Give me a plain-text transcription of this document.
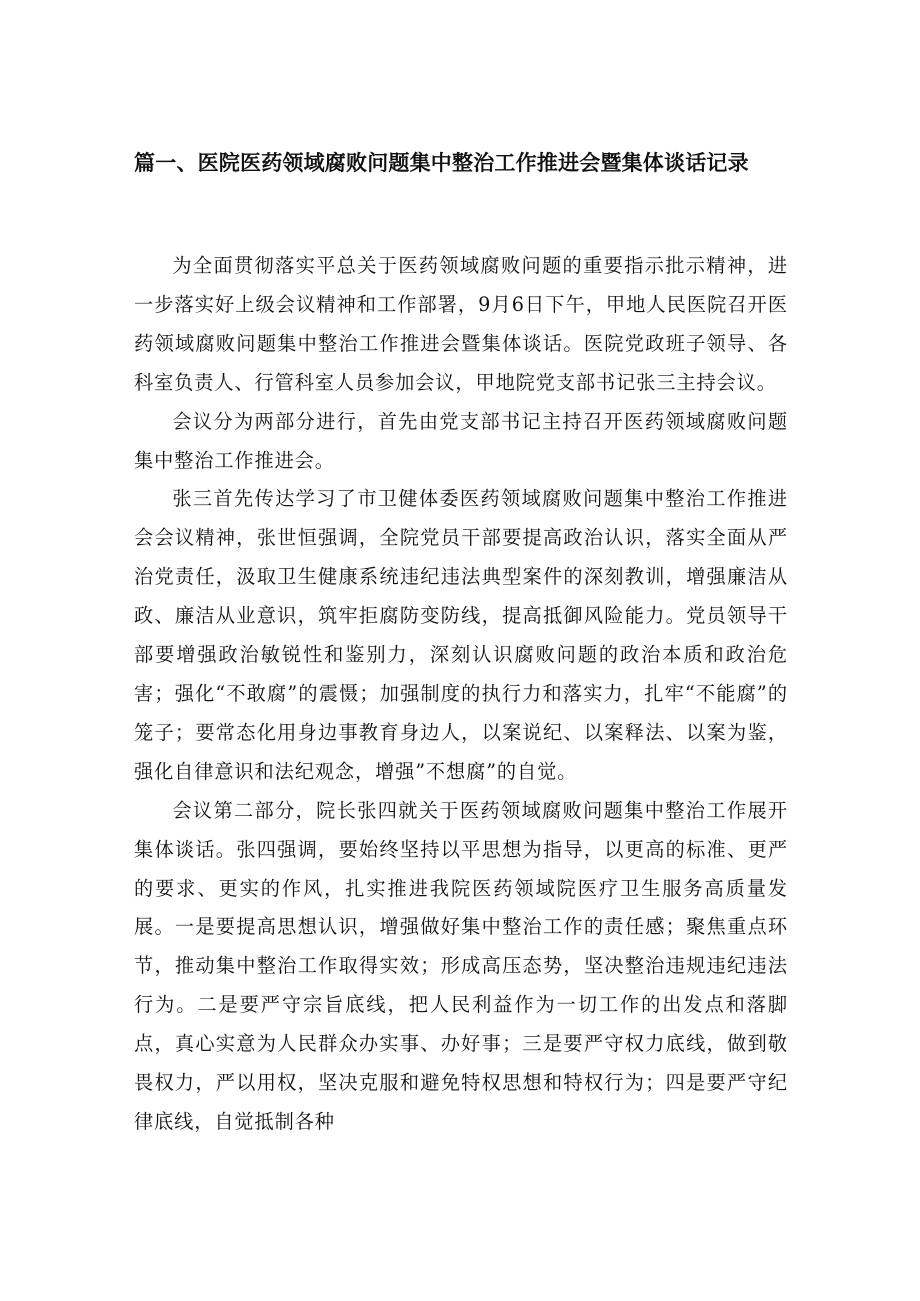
篇一、医院医药领域腐败问题集中整治工作推进会暨集体谈话记录

为全面贯彻落实平总关于医药领域腐败问题的重要指示批示精神，进一步落实好上级会议精神和工作部署，9月6日下午，甲地人民医院召开医药领域腐败问题集中整治工作推进会暨集体谈话。医院党政班子领导、各科室负责人、行管科室人员参加会议，甲地院党支部书记张三主持会议。

会议分为两部分进行，首先由党支部书记主持召开医药领域腐败问题集中整治工作推进会。

张三首先传达学习了市卫健体委医药领域腐败问题集中整治工作推进会会议精神，张世恒强调，全院党员干部要提高政治认识，落实全面从严治党责任，汲取卫生健康系统违纪违法典型案件的深刻教训，增强廉洁从政、廉洁从业意识，筑牢拒腐防变防线，提高抵御风险能力。党员领导干部要增强政治敏锐性和鉴别力，深刻认识腐败问题的政治本质和政治危害；强化“不敢腐”的震慑；加强制度的执行力和落实力，扎牢“不能腐”的笼子；要常态化用身边事教育身边人，以案说纪、以案释法、以案为鉴，强化自律意识和法纪观念，增强”不想腐”的自觉。

会议第二部分，院长张四就关于医药领域腐败问题集中整治工作展开集体谈话。张四强调，要始终坚持以平思想为指导，以更高的标准、更严的要求、更实的作风，扎实推进我院医药领域院医疗卫生服务高质量发展。一是要提高思想认识，增强做好集中整治工作的责任感；聚焦重点环节，推动集中整治工作取得实效；形成高压态势，坚决整治违规违纪违法行为。二是要严守宗旨底线，把人民利益作为一切工作的出发点和落脚点，真心实意为人民群众办实事、办好事；三是要严守权力底线，做到敬畏权力，严以用权，坚决克服和避免特权思想和特权行为；四是要严守纪律底线，自觉抵制各种
